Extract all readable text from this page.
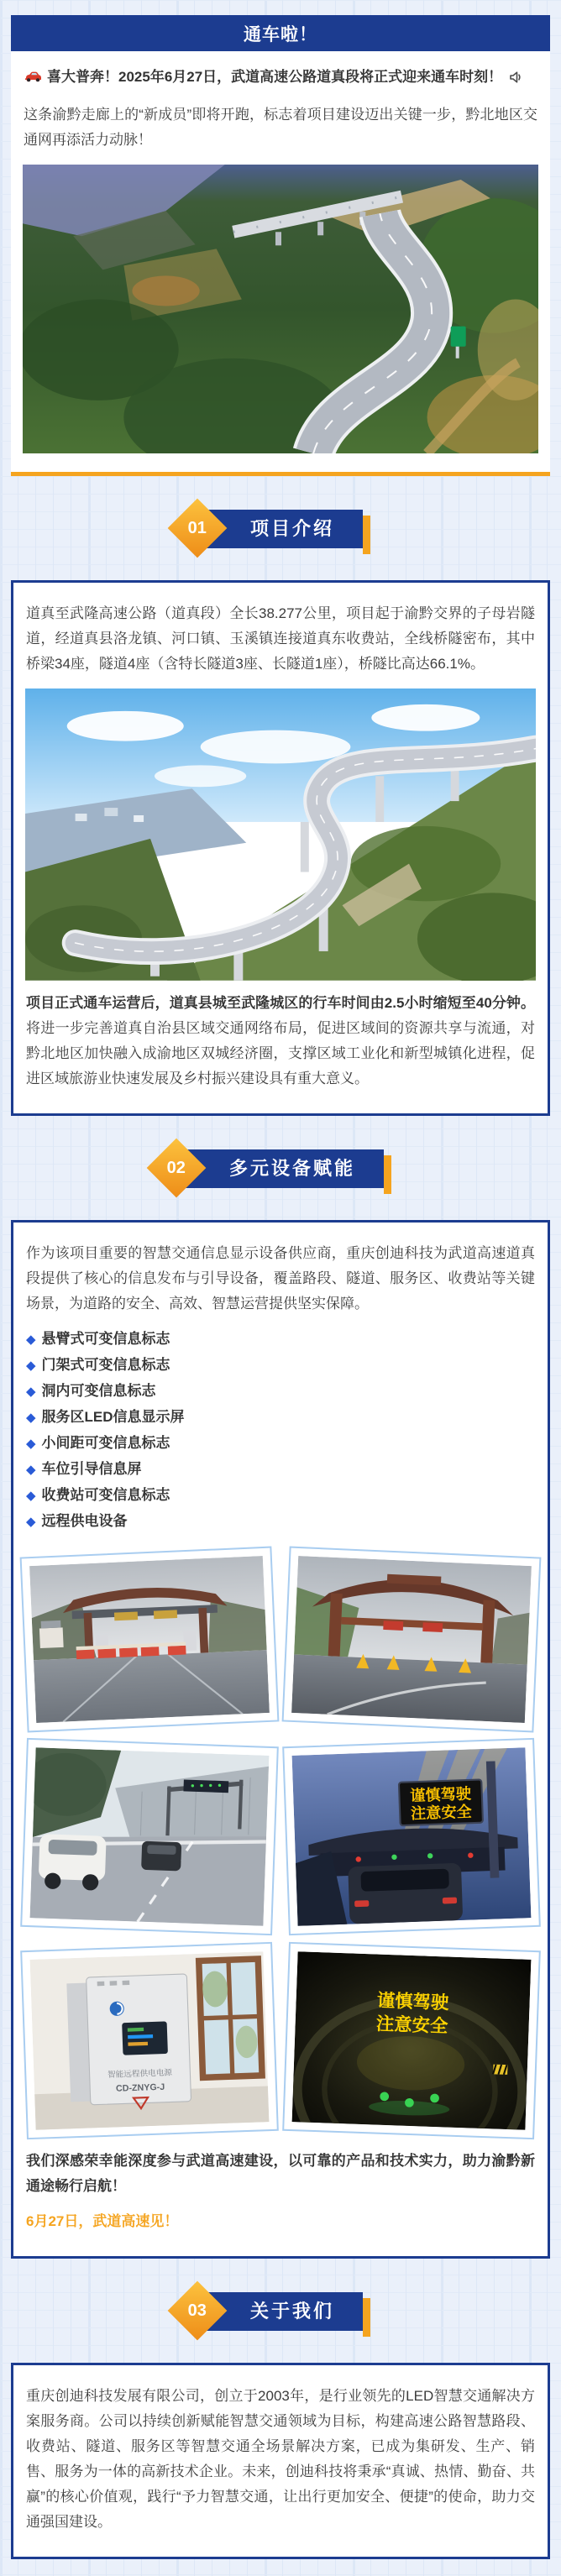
通车啦！

喜大普奔！2025年6月27日，武道高速公路道真段将正式迎来通车时刻！

这条渝黔走廊上的“新成员”即将开跑，标志着项目建设迈出关键一步，黔北地区交通网再添活力动脉！

01	项目介绍

道真至武隆高速公路（道真段）全长38.277公里，项目起于渝黔交界的子母岩隧道，经道真县洛龙镇、河口镇、玉溪镇连接道真东收费站，全线桥隧密布，其中桥梁34座，隧道4座（含特长隧道3座、长隧道1座），桥隧比高达66.1%。

项目正式通车运营后，道真县城至武隆城区的行车时间由2.5小时缩短至40分钟。将进一步完善道真自治县区域交通网络布局，促进区域间的资源共享与流通，对黔北地区加快融入成渝地区双城经济圈，支撑区域工业化和新型城镇化进程，促进区域旅游业快速发展及乡村振兴建设具有重大意义。

02	多元设备赋能

作为该项目重要的智慧交通信息显示设备供应商，重庆创迪科技为武道高速道真段提供了核心的信息发布与引导设备，覆盖路段、隧道、服务区、收费站等关键场景，为道路的安全、高效、智慧运营提供坚实保障。

◆ 悬臂式可变信息标志
◆ 门架式可变信息标志
◆ 洞内可变信息标志
◆ 服务区LED信息显示屏
◆ 小间距可变信息标志
◆ 车位引导信息屏
◆ 收费站可变信息标志
◆ 远程供电设备
谨慎驾驶
注意安全
智能远程供电电源
CD-ZNYG-J
谨慎驾驶
注意安全

我们深感荣幸能深度参与武道高速建设，以可靠的产品和技术实力，助力渝黔新通途畅行启航！

6月27日，武道高速见！

03	关于我们

重庆创迪科技发展有限公司，创立于2003年，是行业领先的LED智慧交通解决方案服务商。公司以持续创新赋能智慧交通领域为目标，构建高速公路智慧路段、收费站、隧道、服务区等智慧交通全场景解决方案，已成为集研发、生产、销售、服务为一体的高新技术企业。未来，创迪科技将秉承“真诚、热情、勤奋、共赢”的核心价值观，践行“予力智慧交通，让出行更加安全、便捷”的使命，助力交通强国建设。
